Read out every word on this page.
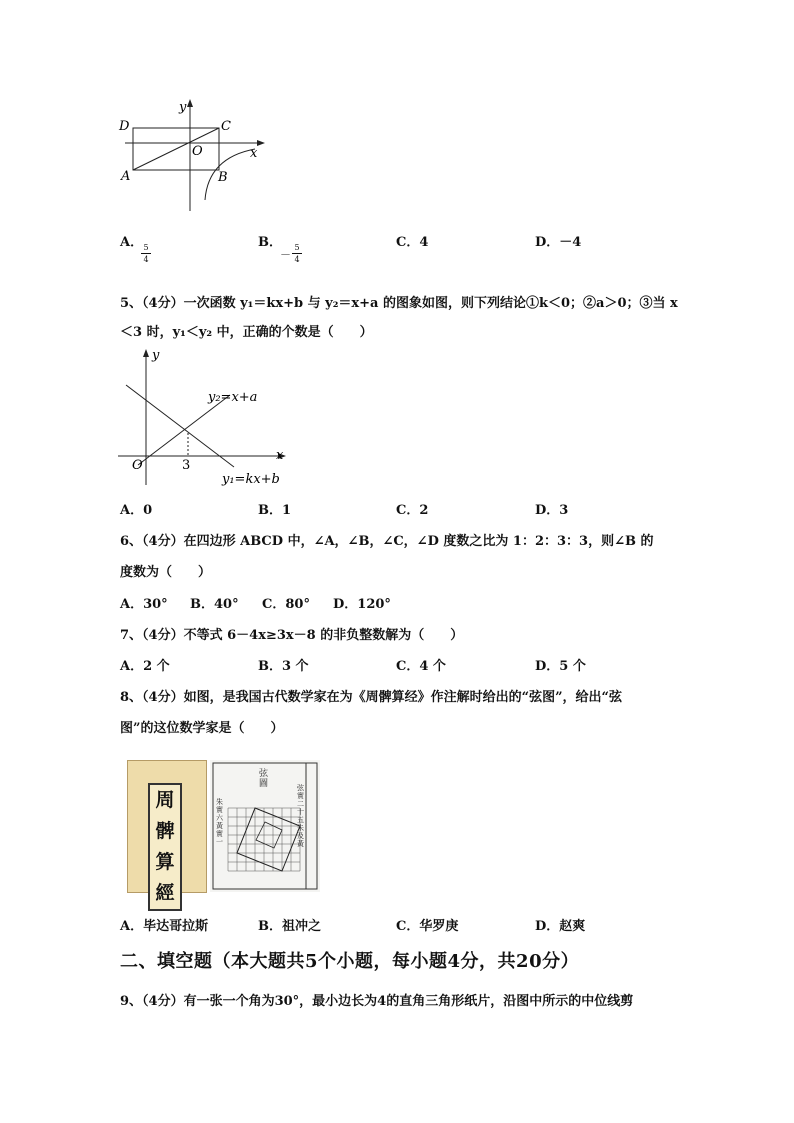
D	C
O	x
y
A	B
A． 5
4
B．
－
5
4
C．4	D．－4
5、（4分）一次函数 y₁＝kx+b 与 y₂＝x+a 的图象如图，则下列结论①k＜0；②a＞0；③当 x
＜3 时，y₁＜y₂ 中，正确的个数是（　　）
y
x
O	3
y₂=x+a
y₁=kx+b
A．0	B．1	C．2	D．3
6、（4分）在四边形 ABCD 中，∠A，∠B，∠C，∠D 度数之比为 1：2：3：3，则∠B 的
度数为（　　）
A．30° B．40° C．80° D．120°
7、（4分）不等式 6－4x≥3x－8 的非负整数解为（　　）
A．2 个	B．3 个	C．4 个	D．5 个
8、（4分）如图，是我国古代数学家在为《周髀算经》作注解时给出的“弦图”，给出“弦
图”的这位数学家是（　　）
周
髀
算
經
弦
圖
朱
實
六
黃
實
一
弦
實
二
十
五
朱
及
黃
A．毕达哥拉斯	B．祖冲之	C．华罗庚	D．赵爽
二、填空题（本大题共5个小题，每小题4分，共20分）
9、（4分）有一张一个角为30°，最小边长为4的直角三角形纸片，沿图中所示的中位线剪
